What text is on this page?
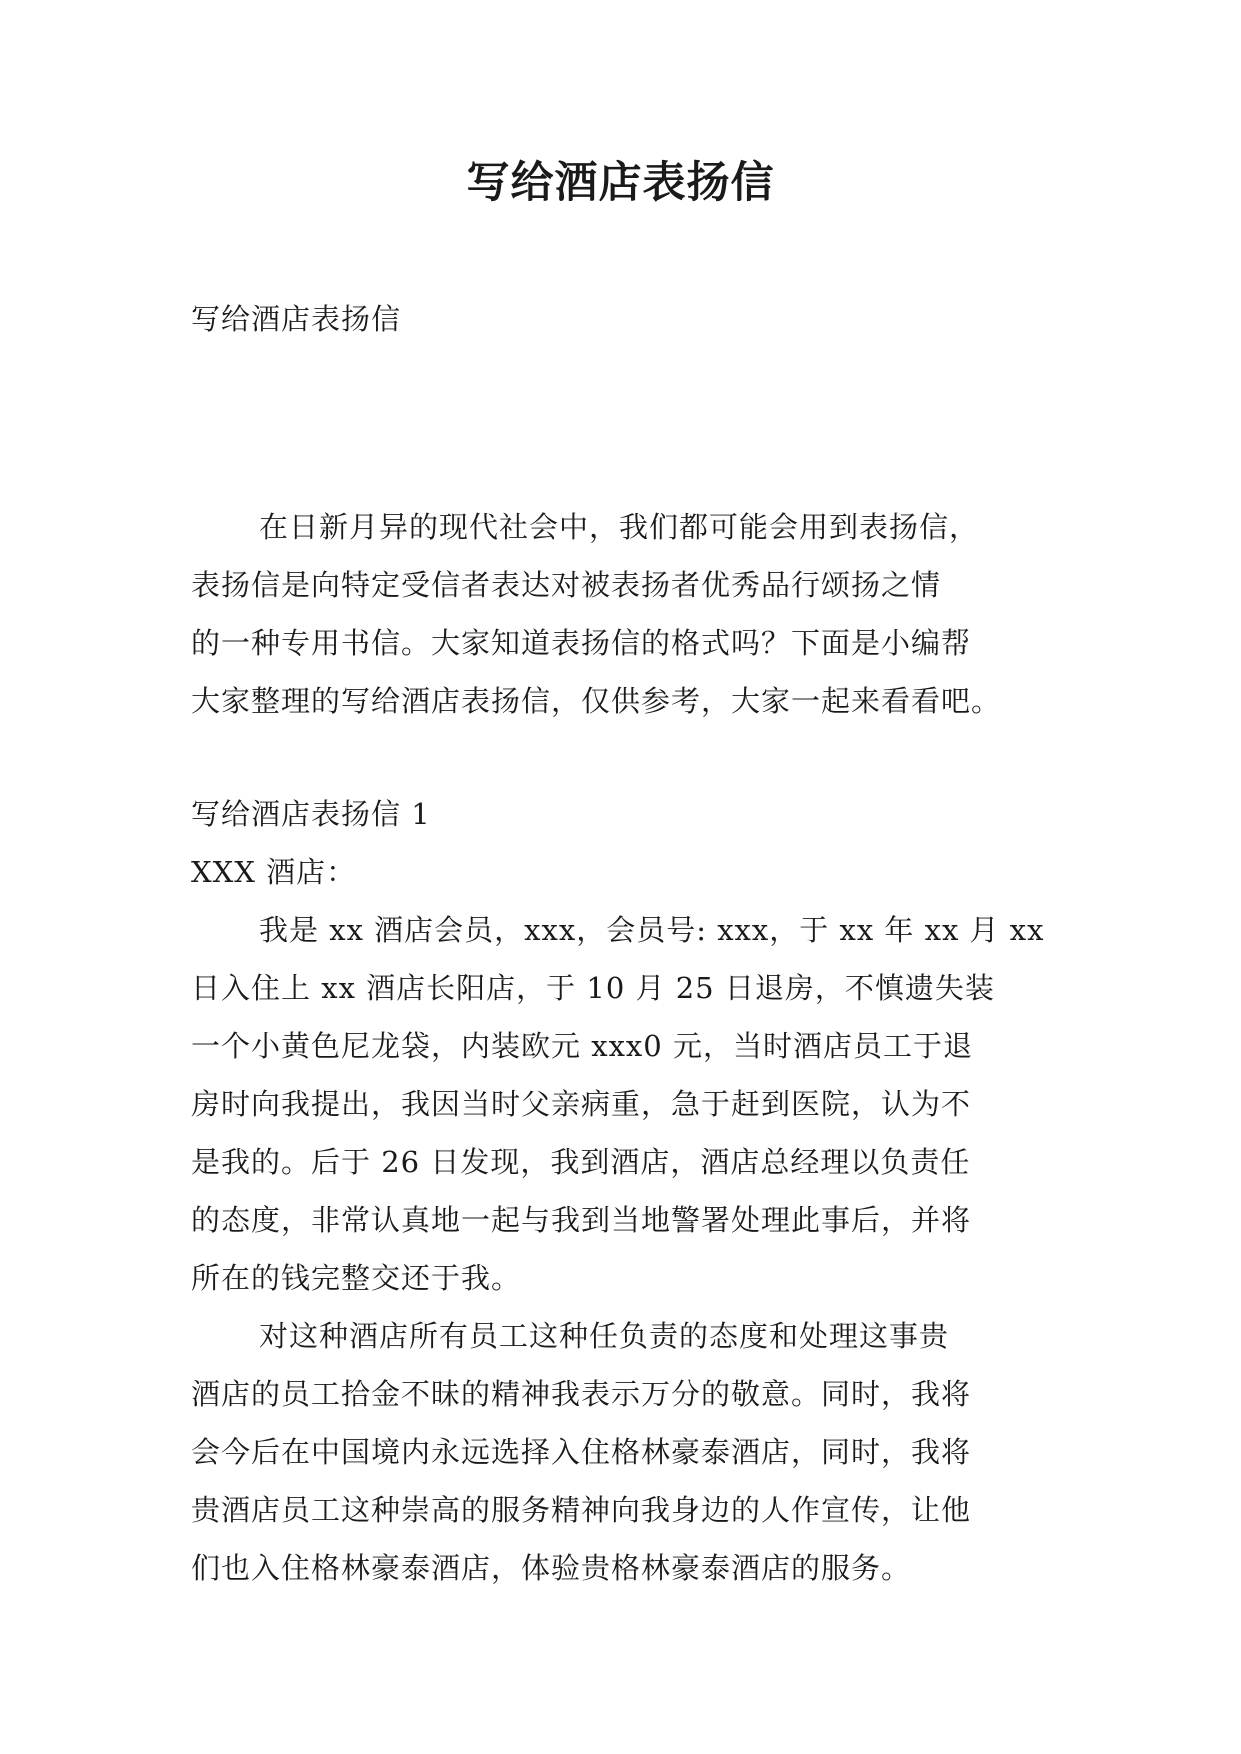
写给酒店表扬信

写给酒店表扬信

在日新月异的现代社会中，我们都可能会用到表扬信，

表扬信是向特定受信者表达对被表扬者优秀品行颂扬之情

的一种专用书信。大家知道表扬信的格式吗？下面是小编帮

大家整理的写给酒店表扬信，仅供参考，大家一起来看看吧。

写给酒店表扬信 1

XXX 酒店：

我是 xx 酒店会员，xxx，会员号: xxx，于 xx 年 xx 月 xx

日入住上 xx 酒店长阳店，于 10 月 25 日退房，不慎遗失装

一个小黄色尼龙袋，内装欧元 xxx0 元，当时酒店员工于退

房时向我提出，我因当时父亲病重，急于赶到医院，认为不

是我的。后于 26 日发现，我到酒店，酒店总经理以负责任

的态度，非常认真地一起与我到当地警署处理此事后，并将

所在的钱完整交还于我。

对这种酒店所有员工这种任负责的态度和处理这事贵

酒店的员工拾金不昧的精神我表示万分的敬意。同时，我将

会今后在中国境内永远选择入住格林豪泰酒店，同时，我将

贵酒店员工这种崇高的服务精神向我身边的人作宣传，让他

们也入住格林豪泰酒店，体验贵格林豪泰酒店的服务。
